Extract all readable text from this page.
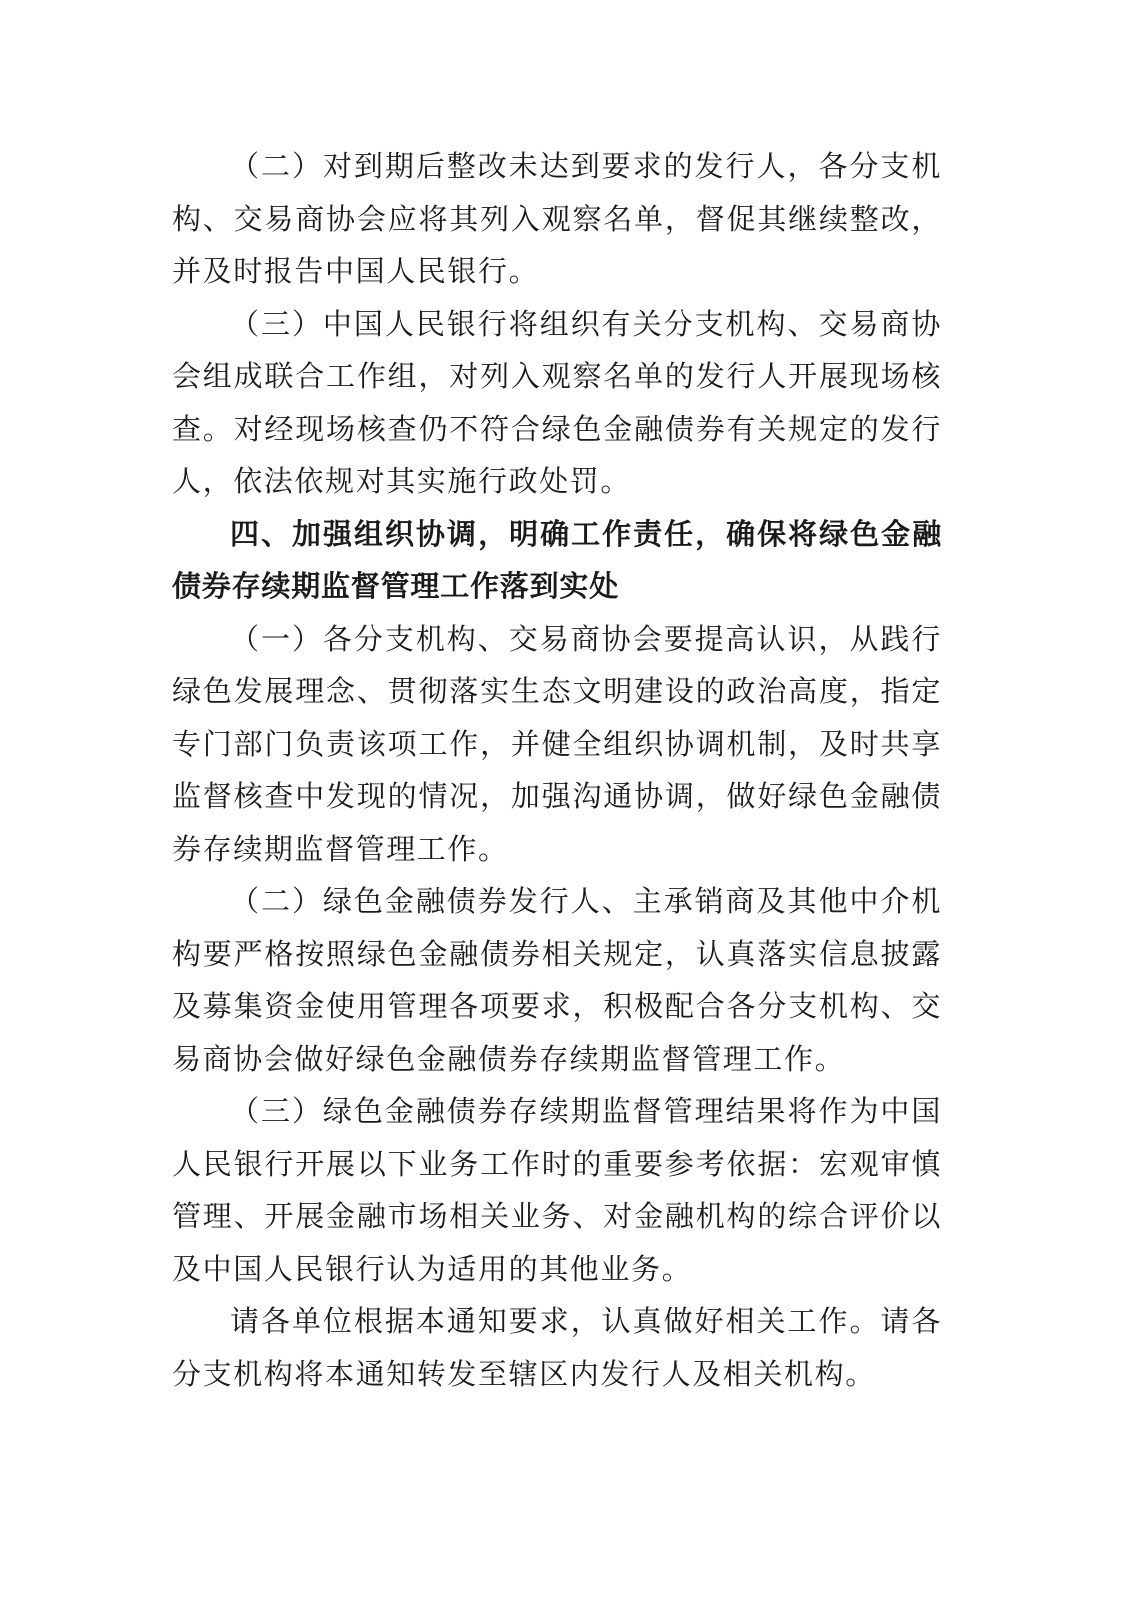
（二）对到期后整改未达到要求的发行人，各分支机构、交易商协会应将其列入观察名单，督促其继续整改，并及时报告中国人民银行。

（三）中国人民银行将组织有关分支机构、交易商协会组成联合工作组，对列入观察名单的发行人开展现场核查。对经现场核查仍不符合绿色金融债券有关规定的发行人，依法依规对其实施行政处罚。

四、加强组织协调，明确工作责任，确保将绿色金融债券存续期监督管理工作落到实处

（一）各分支机构、交易商协会要提高认识，从践行绿色发展理念、贯彻落实生态文明建设的政治高度，指定专门部门负责该项工作，并健全组织协调机制，及时共享监督核查中发现的情况，加强沟通协调，做好绿色金融债券存续期监督管理工作。

（二）绿色金融债券发行人、主承销商及其他中介机构要严格按照绿色金融债券相关规定，认真落实信息披露及募集资金使用管理各项要求，积极配合各分支机构、交易商协会做好绿色金融债券存续期监督管理工作。

（三）绿色金融债券存续期监督管理结果将作为中国人民银行开展以下业务工作时的重要参考依据：宏观审慎管理、开展金融市场相关业务、对金融机构的综合评价以及中国人民银行认为适用的其他业务。

请各单位根据本通知要求，认真做好相关工作。请各分支机构将本通知转发至辖区内发行人及相关机构。
